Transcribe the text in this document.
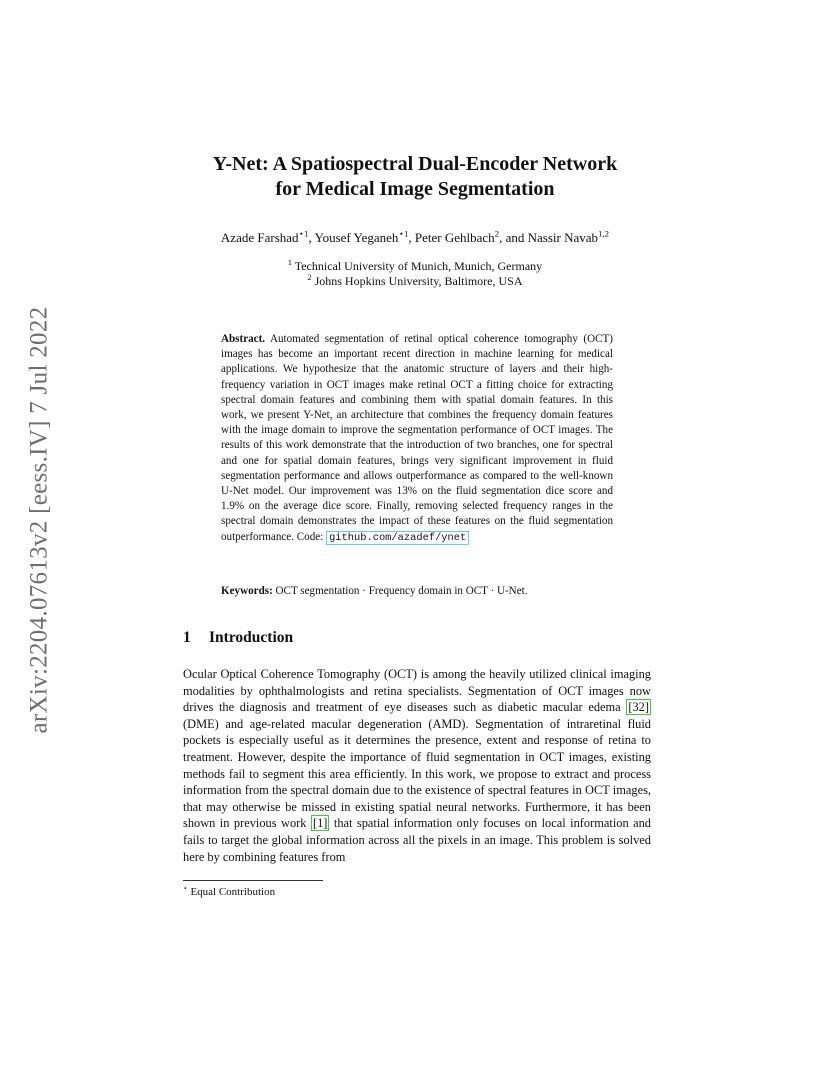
arXiv:2204.07613v2 [eess.IV] 7 Jul 2022
Y-Net: A Spatiospectral Dual-Encoder Network
for Medical Image Segmentation
Azade Farshad$^{⋆1}$, Yousef Yeganeh$^{⋆1}$, Peter Gehlbach$^2$, and Nassir Navab$^{1,2}$
$^1$ Technical University of Munich, Munich, Germany
$^2$ Johns Hopkins University, Baltimore, USA
Abstract. Automated segmentation of retinal optical coherence tomography (OCT) images has become an important recent direction in machine learning for medical applications. We hypothesize that the anatomic structure of layers and their high-frequency variation in OCT images make retinal OCT a fitting choice for extracting spectral domain features and combining them with spatial domain features. In this work, we present Y-Net, an architecture that combines the frequency domain features with the image domain to improve the segmentation performance of OCT images. The results of this work demonstrate that the introduction of two branches, one for spectral and one for spatial domain features, brings very significant improvement in fluid segmentation performance and allows outperformance as compared to the well-known U-Net model. Our improvement was 13% on the fluid segmentation dice score and 1.9% on the average dice score. Finally, removing selected frequency ranges in the spectral domain demonstrates the impact of these features on the fluid segmentation outperformance. Code: github.com/azadef/ynet
Keywords: OCT segmentation · Frequency domain in OCT · U-Net.
1 Introduction
Ocular Optical Coherence Tomography (OCT) is among the heavily utilized clinical imaging modalities by ophthalmologists and retina specialists. Segmentation of OCT images now drives the diagnosis and treatment of eye diseases such as diabetic macular edema [32] (DME) and age-related macular degeneration (AMD). Segmentation of intraretinal fluid pockets is especially useful as it determines the presence, extent and response of retina to treatment. However, despite the importance of fluid segmentation in OCT images, existing methods fail to segment this area efficiently. In this work, we propose to extract and process information from the spectral domain due to the existence of spectral features in OCT images, that may otherwise be missed in existing spatial neural networks. Furthermore, it has been shown in previous work [1] that spatial information only focuses on local information and fails to target the global information across all the pixels in an image. This problem is solved here by combining features from
⋆ Equal Contribution
